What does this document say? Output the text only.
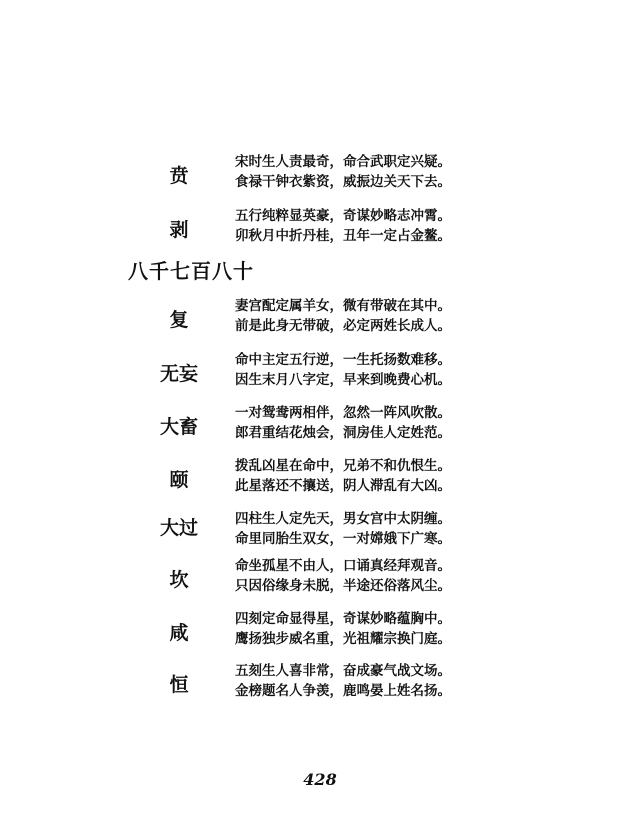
贲
宋时生人责最奇，命合武职定兴疑。
食禄干钟衣紫资，威振边关天下去。
剥
五行纯粹显英豪，奇谋妙略志冲霄。
卯秋月中折丹桂，丑年一定占金鳌。
八千七百八十
复
妻宫配定属羊女，微有带破在其中。
前是此身无带破，必定两姓长成人。
无妄
命中主定五行逆，一生托扬数难移。
因生末月八字定，早来到晚费心机。
大畜
一对鸳鸯两相伴，忽然一阵风吹散。
郎君重结花烛会，洞房佳人定姓范。
颐
拨乱凶星在命中，兄弟不和仇恨生。
此星落还不攘送，阴人滞乱有大凶。
大过	四柱生人定先天，男女宫中太阴缠。
命里同胎生双女，一对嫦娥下广寒。
坎
命坐孤星不由人，口诵真经拜观音。
只因俗缘身未脱，半途还俗落风尘。
咸
四刻定命显得星，奇谋妙略蕴胸中。
鹰扬独步威名重，光祖耀宗换门庭。
恒
五刻生人喜非常，奋成豪气战文场。
金榜题名人争羡，鹿鸣晏上姓名扬。
428
